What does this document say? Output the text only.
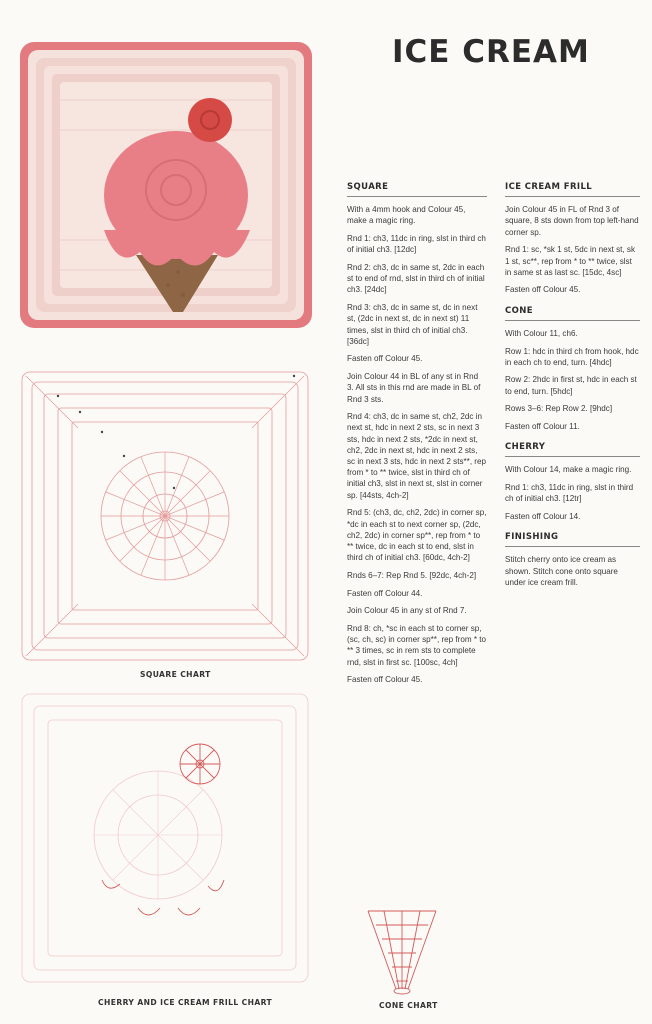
ICE CREAM
SQUARE CHART
CHERRY AND ICE CREAM FRILL CHART	CONE CHART
SQUARE

With a 4mm hook and Colour 45, make a magic ring.

Rnd 1: ch3, 11dc in ring, slst in third ch of initial ch3. [12dc]

Rnd 2: ch3, dc in same st, 2dc in each st to end of rnd, slst in third ch of initial ch3. [24dc]

Rnd 3: ch3, dc in same st, dc in next st, (2dc in next st, dc in next st) 11 times, slst in third ch of initial ch3. [36dc]

Fasten off Colour 45.

Join Colour 44 in BL of any st in Rnd 3. All sts in this rnd are made in BL of Rnd 3 sts.

Rnd 4: ch3, dc in same st, ch2, 2dc in next st, hdc in next 2 sts, sc in next 3 sts, hdc in next 2 sts, *2dc in next st, ch2, 2dc in next st, hdc in next 2 sts, sc in next 3 sts, hdc in next 2 sts**, rep from * to ** twice, slst in third ch of initial ch3, slst in next st, slst in corner sp. [44sts, 4ch-2]

Rnd 5: (ch3, dc, ch2, 2dc) in corner sp, *dc in each st to next corner sp, (2dc, ch2, 2dc) in corner sp**, rep from * to ** twice, dc in each st to end, slst in third ch of initial ch3. [60dc, 4ch-2]

Rnds 6–7: Rep Rnd 5. [92dc, 4ch-2]

Fasten off Colour 44.

Join Colour 45 in any st of Rnd 7.

Rnd 8: ch, *sc in each st to corner sp, (sc, ch, sc) in corner sp**, rep from * to ** 3 times, sc in rem sts to complete rnd, slst in first sc. [100sc, 4ch]

Fasten off Colour 45.

ICE CREAM FRILL

Join Colour 45 in FL of Rnd 3 of square, 8 sts down from top left-hand corner sp.

Rnd 1: sc, *sk 1 st, 5dc in next st, sk 1 st, sc**, rep from * to ** twice, slst in same st as last sc. [15dc, 4sc]

Fasten off Colour 45.

CONE

With Colour 11, ch6.

Row 1: hdc in third ch from hook, hdc in each ch to end, turn. [4hdc]

Row 2: 2hdc in first st, hdc in each st to end, turn. [5hdc]

Rows 3–6: Rep Row 2. [9hdc]

Fasten off Colour 11.

CHERRY

With Colour 14, make a magic ring.

Rnd 1: ch3, 11dc in ring, slst in third ch of initial ch3. [12tr]

Fasten off Colour 14.

FINISHING

Stitch cherry onto ice cream as shown. Stitch cone onto square under ice cream frill.
